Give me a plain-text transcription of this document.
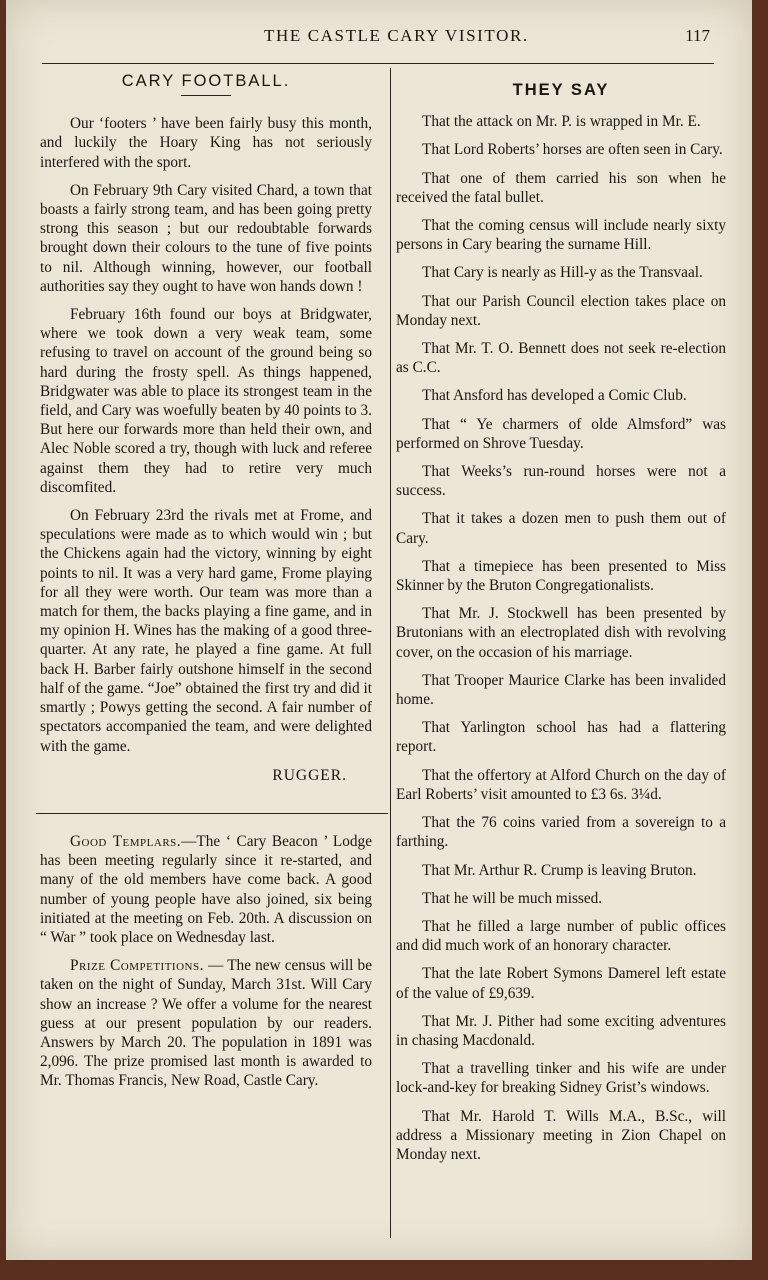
THE CASTLE CARY VISITOR.	117
CARY FOOTBALL.

Our ‘footers ’ have been fairly busy this month, and luckily the Hoary King has not seriously interfered with the sport.

On February 9th Cary visited Chard, a town that boasts a fairly strong team, and has been going pretty strong this season ; but our redoubtable forwards brought down their colours to the tune of five points to nil. Although winning, however, our football authorities say they ought to have won hands down !

February 16th found our boys at Bridgwater, where we took down a very weak team, some refusing to travel on account of the ground being so hard during the frosty spell. As things happened, Bridgwater was able to place its strongest team in the field, and Cary was woefully beaten by 40 points to 3. But here our forwards more than held their own, and Alec Noble scored a try, though with luck and referee against them they had to retire very much discomfited.

On February 23rd the rivals met at Frome, and speculations were made as to which would win ; but the Chickens again had the victory, winning by eight points to nil. It was a very hard game, Frome playing for all they were worth. Our team was more than a match for them, the backs playing a fine game, and in my opinion H. Wines has the making of a good three-quarter. At any rate, he played a fine game. At full back H. Barber fairly outshone himself in the second half of the game. “Joe” obtained the first try and did it smartly ; Powys getting the second. A fair number of spectators accompanied the team, and were delighted with the game.

RUGGER.

Good Templars.—The ‘ Cary Beacon ’ Lodge has been meeting regularly since it re-started, and many of the old members have come back. A good number of young people have also joined, six being initiated at the meeting on Feb. 20th. A discussion on “ War ” took place on Wednesday last.

Prize Competitions. — The new census will be taken on the night of Sunday, March 31st. Will Cary show an increase ? We offer a volume for the nearest guess at our present population by our readers. Answers by March 20. The population in 1891 was 2,096. The prize promised last month is awarded to Mr. Thomas Francis, New Road, Castle Cary.

THEY SAY

That the attack on Mr. P. is wrapped in Mr. E.

That Lord Roberts’ horses are often seen in Cary.

That one of them carried his son when he received the fatal bullet.

That the coming census will include nearly sixty persons in Cary bearing the surname Hill.

That Cary is nearly as Hill-y as the Transvaal.

That our Parish Council election takes place on Monday next.

That Mr. T. O. Bennett does not seek re-election as C.C.

That Ansford has developed a Comic Club.

That “ Ye charmers of olde Almsford” was performed on Shrove Tuesday.

That Weeks’s run-round horses were not a success.

That it takes a dozen men to push them out of Cary.

That a timepiece has been presented to Miss Skinner by the Bruton Congregationalists.

That Mr. J. Stockwell has been presented by Brutonians with an electroplated dish with revolving cover, on the occasion of his marriage.

That Trooper Maurice Clarke has been invalided home.

That Yarlington school has had a flattering report.

That the offertory at Alford Church on the day of Earl Roberts’ visit amounted to £3 6s. 3¼d.

That the 76 coins varied from a sovereign to a farthing.

That Mr. Arthur R. Crump is leaving Bruton.

That he will be much missed.

That he filled a large number of public offices and did much work of an honorary character.

That the late Robert Symons Damerel left estate of the value of £9,639.

That Mr. J. Pither had some exciting adventures in chasing Macdonald.

That a travelling tinker and his wife are under lock-and-key for breaking Sidney Grist’s windows.

That Mr. Harold T. Wills M.A., B.Sc., will address a Missionary meeting in Zion Chapel on Monday next.
